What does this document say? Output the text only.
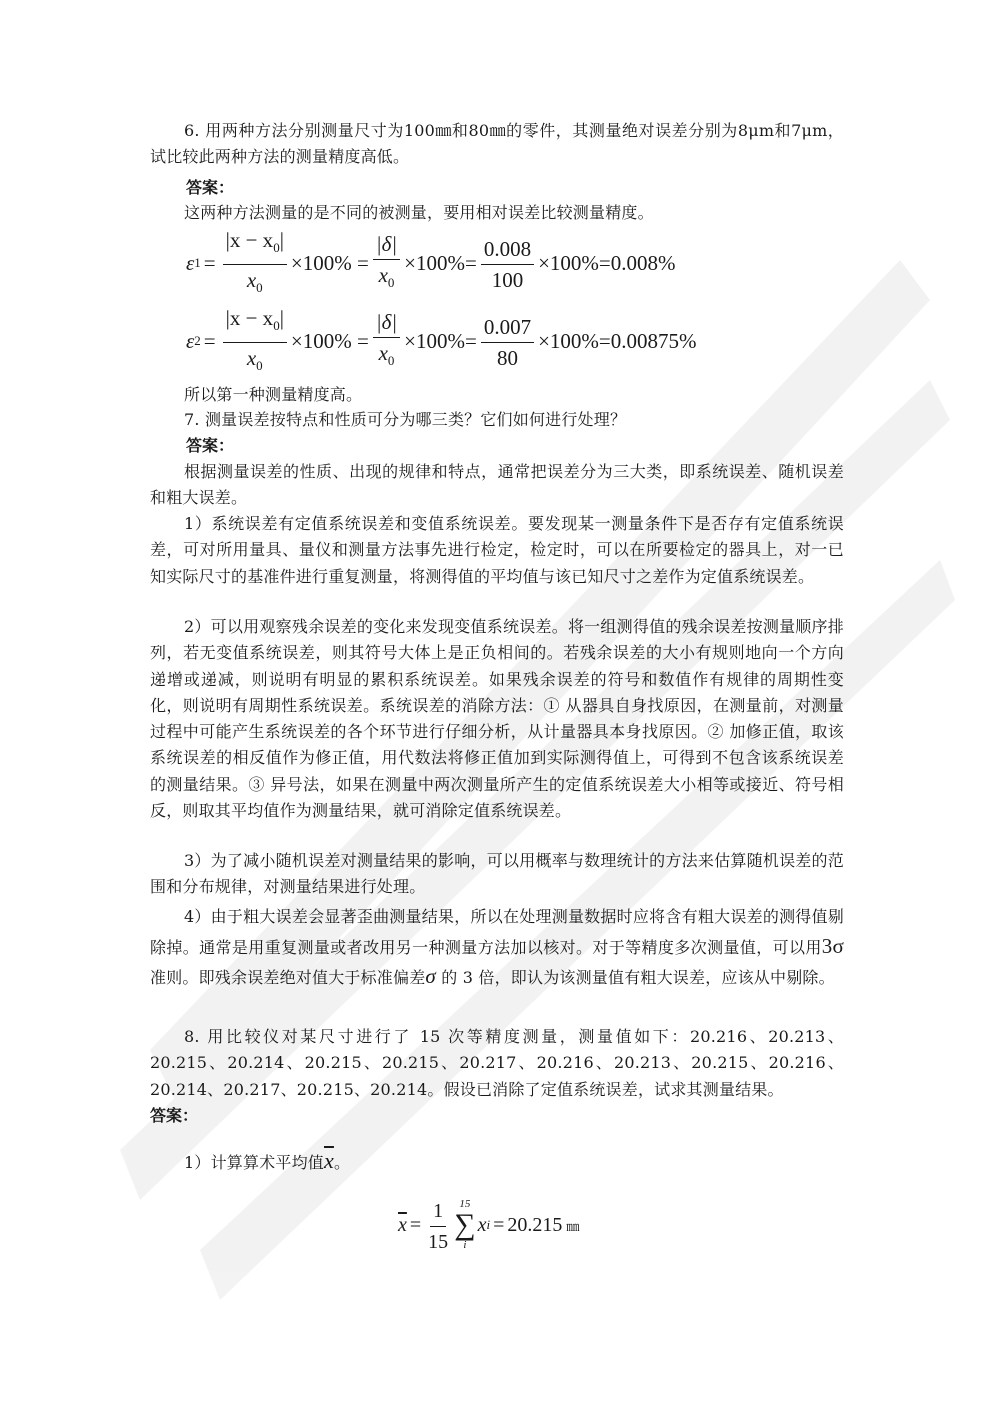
6. 用两种方法分别测量尺寸为100㎜和80㎜的零件，其测量绝对误差分别为8μm和7μm，试比较此两种方法的测量精度高低。

答案：

这两种方法测量的是不同的被测量，要用相对误差比较测量精度。

ε $1 = \frac{|x - x_0|}{x_0} \times 100\% = \frac{|\delta|}{x_0} \times 100\%= \frac{0.008}{100} \times 100\%=0.008\%$
ε $2 = \frac{|x - x_0|}{x_0} \times 100\% = \frac{|\delta|}{x_0} \times 100\%= \frac{0.007}{80} \times 100\%=0.00875\%$

所以第一种测量精度高。

7. 测量误差按特点和性质可分为哪三类？它们如何进行处理？

答案：

根据测量误差的性质、出现的规律和特点，通常把误差分为三大类，即系统误差、随机误差和粗大误差。

1）系统误差有定值系统误差和变值系统误差。要发现某一测量条件下是否存有定值系统误差，可对所用量具、量仪和测量方法事先进行检定，检定时，可以在所要检定的器具上，对一已知实际尺寸的基准件进行重复测量，将测得值的平均值与该已知尺寸之差作为定值系统误差。

2）可以用观察残余误差的变化来发现变值系统误差。将一组测得值的残余误差按测量顺序排列，若无变值系统误差，则其符号大体上是正负相间的。若残余误差的大小有规则地向一个方向递增或递减，则说明有明显的累积系统误差。如果残余误差的符号和数值作有规律的周期性变化，则说明有周期性系统误差。系统误差的消除方法：① 从器具自身找原因，在测量前，对测量过程中可能产生系统误差的各个环节进行仔细分析，从计量器具本身找原因。② 加修正值，取该系统误差的相反值作为修正值，用代数法将修正值加到实际测得值上，可得到不包含该系统误差的测量结果。③ 异号法，如果在测量中两次测量所产生的定值系统误差大小相等或接近、符号相反，则取其平均值作为测量结果，就可消除定值系统误差。

3）为了减小随机误差对测量结果的影响，可以用概率与数理统计的方法来估算随机误差的范围和分布规律，对测量结果进行处理。

4）由于粗大误差会显著歪曲测量结果，所以在处理测量数据时应将含有粗大误差的测得值剔除掉。通常是用重复测量或者改用另一种测量方法加以核对。对于等精度多次测量值，可以用3σ 准则。即残余误差绝对值大于标准偏差σ 的 3 倍，即认为该测量值有粗大误差，应该从中剔除。

8. 用比较仪对某尺寸进行了 15 次等精度测量，测量值如下：20.216、20.213、20.215、20.214、20.215、20.215、20.217、20.216、20.213、20.215、20.216、20.214、20.217、20.215、20.214。假设已消除了定值系统误差，试求其测量结果。

答案：

1）计算算术平均值$\overline{x}$。

$\overline{x} = \frac{1}{15} 15$
∑
i
x i = 20.215 ㎜
